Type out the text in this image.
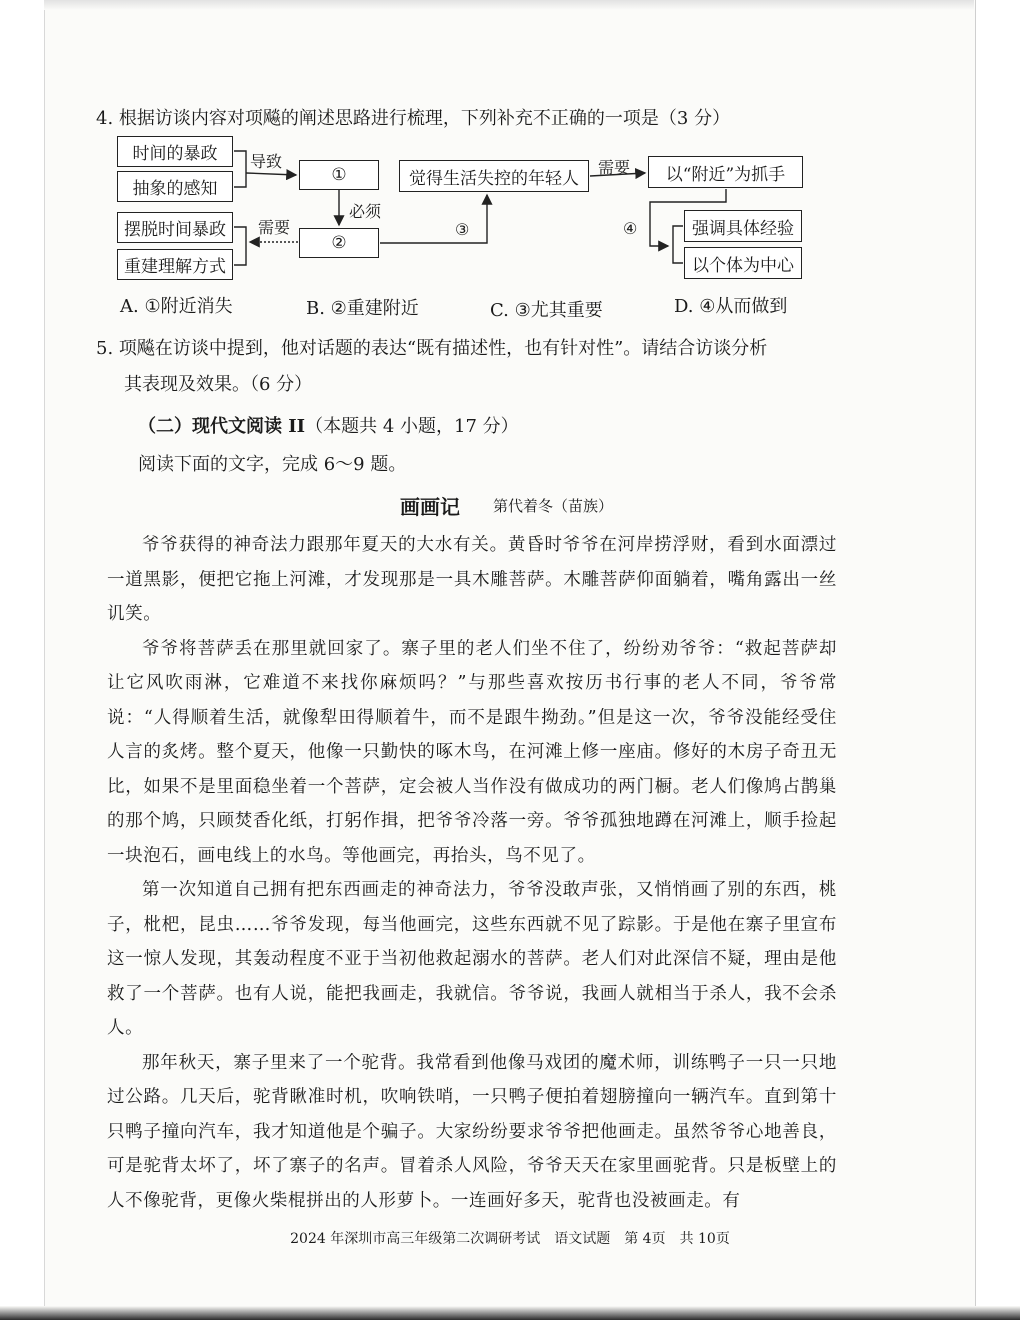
4. 根据访谈内容对项飚的阐述思路进行梳理，下列补充不正确的一项是（3 分）
时间的暴政
抽象的感知
导致
①
必须
②
摆脱时间暴政
重建理解方式
需要	③
觉得生活失控的年轻人
需要	以“附近”为抓手
④	强调具体经验
以个体为中心
A. ①附近消失	B. ②重建附近	C. ③尤其重要	D. ④从而做到
5. 项飚在访谈中提到，他对话题的表达“既有描述性，也有针对性”。请结合访谈分析
其表现及效果。（6 分）
（二）现代文阅读 II（本题共 4 小题，17 分）
阅读下面的文字，完成 6～9 题。
画画记 第代着冬（苗族）

爷爷获得的神奇法力跟那年夏天的大水有关。黄昏时爷爷在河岸捞浮财，看到水面漂过一道黑影，便把它拖上河滩，才发现那是一具木雕菩萨。木雕菩萨仰面躺着，嘴角露出一丝讥笑。

爷爷将菩萨丢在那里就回家了。寨子里的老人们坐不住了，纷纷劝爷爷：“救起菩萨却让它风吹雨淋，它难道不来找你麻烦吗？”与那些喜欢按历书行事的老人不同，爷爷常说：“人得顺着生活，就像犁田得顺着牛，而不是跟牛拗劲。”但是这一次，爷爷没能经受住人言的炙烤。整个夏天，他像一只勤快的啄木鸟，在河滩上修一座庙。修好的木房子奇丑无比，如果不是里面稳坐着一个菩萨，定会被人当作没有做成功的两门橱。老人们像鸠占鹊巢的那个鸠，只顾焚香化纸，打躬作揖，把爷爷冷落一旁。爷爷孤独地蹲在河滩上，顺手捡起一块泡石，画电线上的水鸟。等他画完，再抬头，鸟不见了。

第一次知道自己拥有把东西画走的神奇法力，爷爷没敢声张，又悄悄画了别的东西，桃子，枇杷，昆虫……爷爷发现，每当他画完，这些东西就不见了踪影。于是他在寨子里宣布这一惊人发现，其轰动程度不亚于当初他救起溺水的菩萨。老人们对此深信不疑，理由是他救了一个菩萨。也有人说，能把我画走，我就信。爷爷说，我画人就相当于杀人，我不会杀人。

那年秋天，寨子里来了一个驼背。我常看到他像马戏团的魔术师，训练鸭子一只一只地过公路。几天后，驼背瞅准时机，吹响铁哨，一只鸭子便拍着翅膀撞向一辆汽车。直到第十只鸭子撞向汽车，我才知道他是个骗子。大家纷纷要求爷爷把他画走。虽然爷爷心地善良，可是驼背太坏了，坏了寨子的名声。冒着杀人风险，爷爷天天在家里画驼背。只是板壁上的人不像驼背，更像火柴棍拼出的人形萝卜。一连画好多天，驼背也没被画走。有

2024 年深圳市高三年级第二次调研考试　语文试题　第 4页　共 10页
